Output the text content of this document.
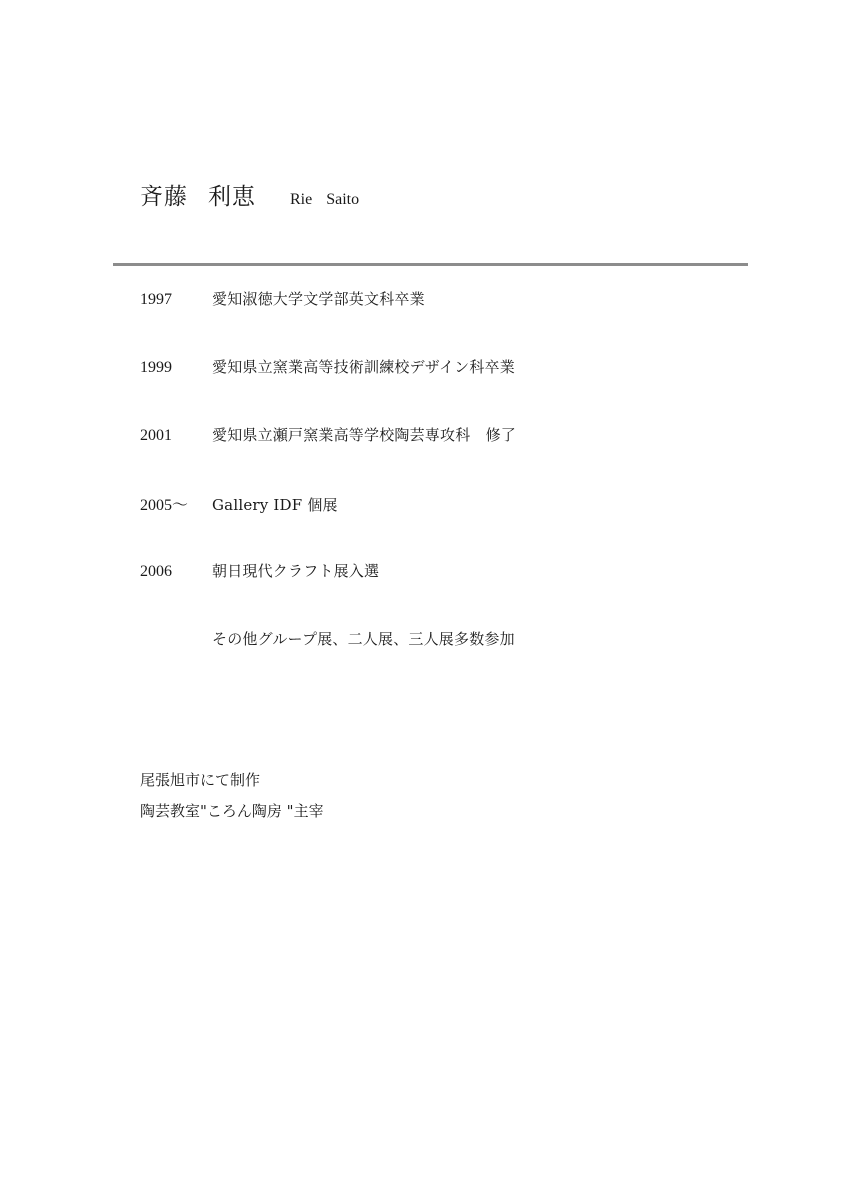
斉藤 利恵 Rie Saito
1997	愛知淑徳大学文学部英文科卒業
1999	愛知県立窯業高等技術訓練校デザイン科卒業
2001	愛知県立瀬戸窯業高等学校陶芸専攻科　修了
2005〜	Gallery IDF 個展
2006	朝日現代クラフト展入選
その他グループ展、二人展、三人展多数参加
尾張旭市にて制作
陶芸教室"ころん陶房 "主宰
